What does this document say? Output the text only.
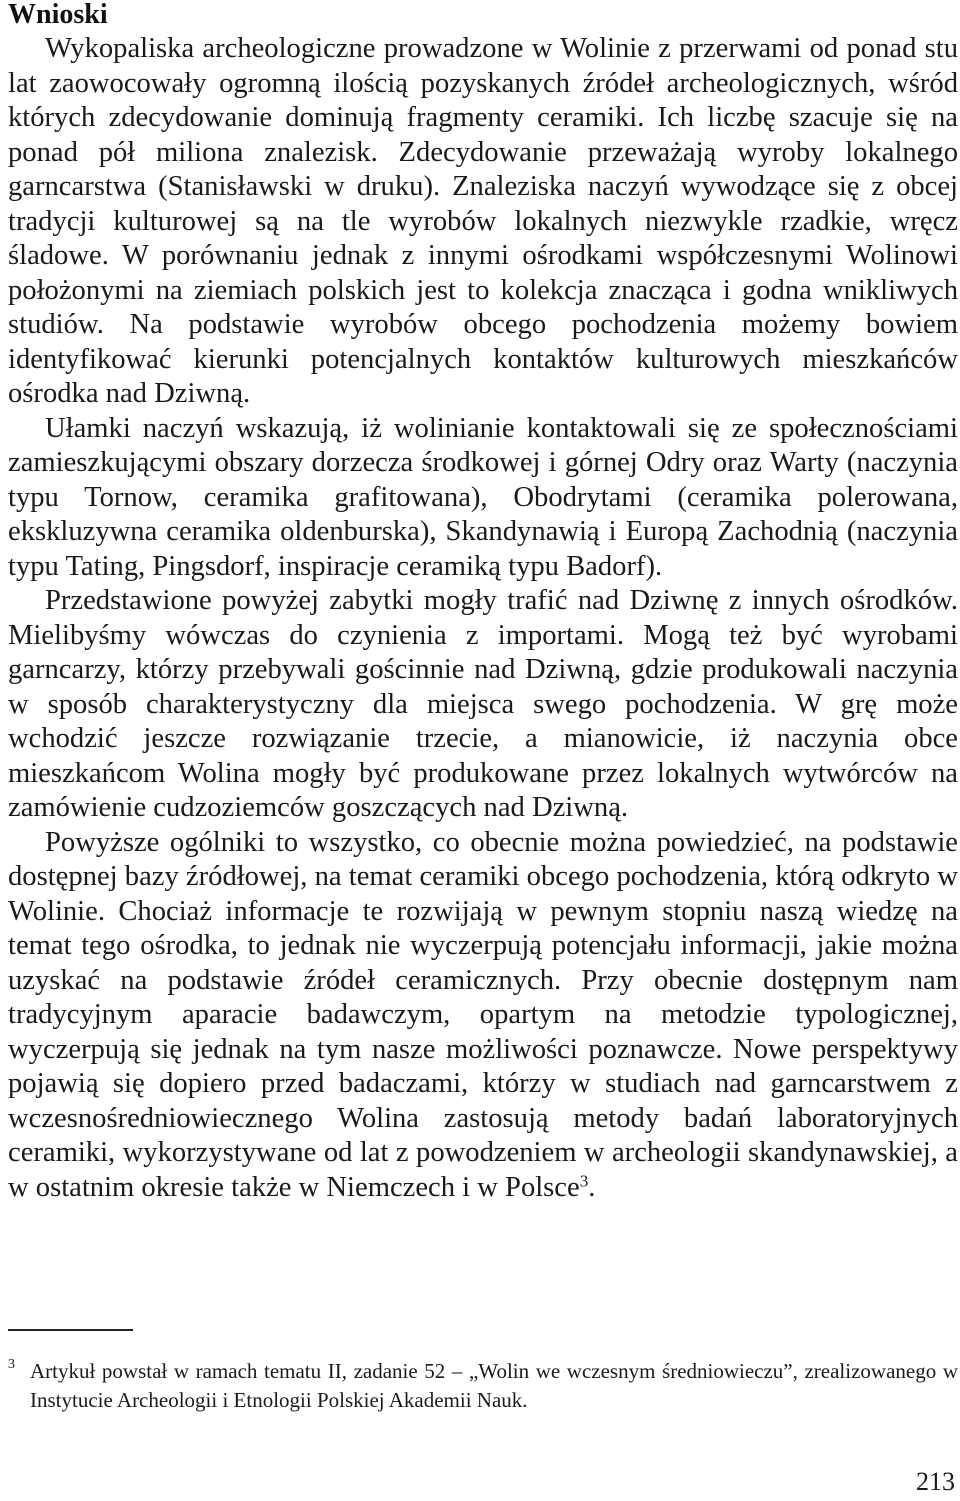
Wnioski

Wykopaliska archeologiczne prowadzone w Wolinie z przerwami od ponad stu lat zaowocowały ogromną ilością pozyskanych źródeł archeologicznych, wśród których zdecydowanie dominują fragmenty ceramiki. Ich liczbę szacuje się na ponad pół miliona znalezisk. Zdecydowanie przeważają wyroby lokalnego garncarstwa (Stanisławski w druku). Znaleziska naczyń wywodzące się z obcej tradycji kulturowej są na tle wyrobów lokalnych niezwykle rzadkie, wręcz śladowe. W porównaniu jednak z innymi ośrodkami współczesnymi Wolinowi położonymi na ziemiach polskich jest to kolekcja znacząca i godna wnikliwych studiów. Na podstawie wyrobów obcego pochodzenia możemy bowiem identyfikować kierunki potencjalnych kontaktów kulturowych mieszkańców ośrodka nad Dziwną.

Ułamki naczyń wskazują, iż wolinianie kontaktowali się ze społecznościami zamieszkującymi obszary dorzecza środkowej i górnej Odry oraz Warty (naczynia typu Tornow, ceramika grafitowana), Obodrytami (ceramika polerowana, ekskluzywna ceramika oldenburska), Skandynawią i Europą Zachodnią (naczynia typu Tating, Pingsdorf, inspiracje ceramiką typu Badorf).

Przedstawione powyżej zabytki mogły trafić nad Dziwnę z innych ośrodków. Mielibyśmy wówczas do czynienia z importami. Mogą też być wyrobami garncarzy, którzy przebywali gościnnie nad Dziwną, gdzie produkowali naczynia w sposób charakterystyczny dla miejsca swego pochodzenia. W grę może wchodzić jeszcze rozwiązanie trzecie, a mianowicie, iż naczynia obce mieszkańcom Wolina mogły być produkowane przez lokalnych wytwórców na zamówienie cudzoziemców goszczących nad Dziwną.

Powyższe ogólniki to wszystko, co obecnie można powiedzieć, na podstawie dostępnej bazy źródłowej, na temat ceramiki obcego pochodzenia, którą odkryto w Wolinie. Chociaż informacje te rozwijają w pewnym stopniu naszą wiedzę na temat tego ośrodka, to jednak nie wyczerpują potencjału informacji, jakie można uzyskać na podstawie źródeł ceramicznych. Przy obecnie dostępnym nam tradycyjnym aparacie badawczym, opartym na metodzie typologicznej, wyczerpują się jednak na tym nasze możliwości poznawcze. Nowe perspektywy pojawią się dopiero przed badaczami, którzy w studiach nad garncarstwem z wczesnośredniowiecznego Wolina zastosują metody badań laboratoryjnych ceramiki, wykorzystywane od lat z powodzeniem w archeologii skandynawskiej, a w ostatnim okresie także w Niemczech i w Polsce$^3$.

3 Artykuł powstał w ramach tematu II, zadanie 52 – „Wolin we wczesnym średniowieczu”, zrealizowanego w Instytucie Archeologii i Etnologii Polskiej Akademii Nauk.

213
